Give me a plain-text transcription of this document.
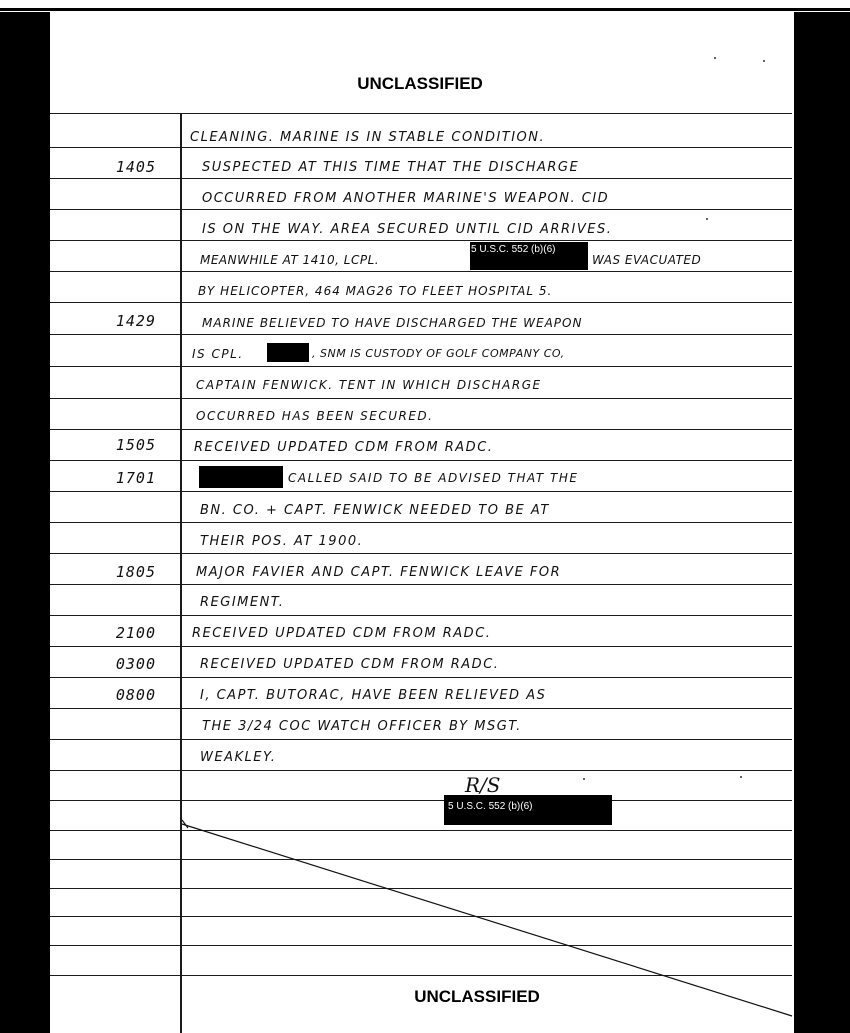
UNCLASSIFIED
1405
1429
1505
1701
1805
2100
0300
0800
CLEANING. MARINE IS IN STABLE CONDITION.
SUSPECTED AT THIS TIME THAT THE DISCHARGE
OCCURRED FROM ANOTHER MARINE'S WEAPON. CID
IS ON THE WAY. AREA SECURED UNTIL CID ARRIVES.
MEANWHILE AT 1410, LCPL.	WAS EVACUATED
BY HELICOPTER, 464 MAG26 TO FLEET HOSPITAL 5.
MARINE BELIEVED TO HAVE DISCHARGED THE WEAPON
IS CPL.	, SNM IS CUSTODY OF GOLF COMPANY CO,
CAPTAIN FENWICK. TENT IN WHICH DISCHARGE
OCCURRED HAS BEEN SECURED.
RECEIVED UPDATED CDM FROM RADC.
CALLED SAID TO BE ADVISED THAT THE
BN. CO. + CAPT. FENWICK NEEDED TO BE AT
THEIR POS. AT 1900.
MAJOR FAVIER AND CAPT. FENWICK LEAVE FOR
REGIMENT.
RECEIVED UPDATED CDM FROM RADC.
RECEIVED UPDATED CDM FROM RADC.
I, CAPT. BUTORAC, HAVE BEEN RELIEVED AS
THE 3/24 COC WATCH OFFICER BY MSGT.
WEAKLEY.
5 U.S.C. 552 (b)(6)
5 U.S.C. 552 (b)(6)
R/S
UNCLASSIFIED
